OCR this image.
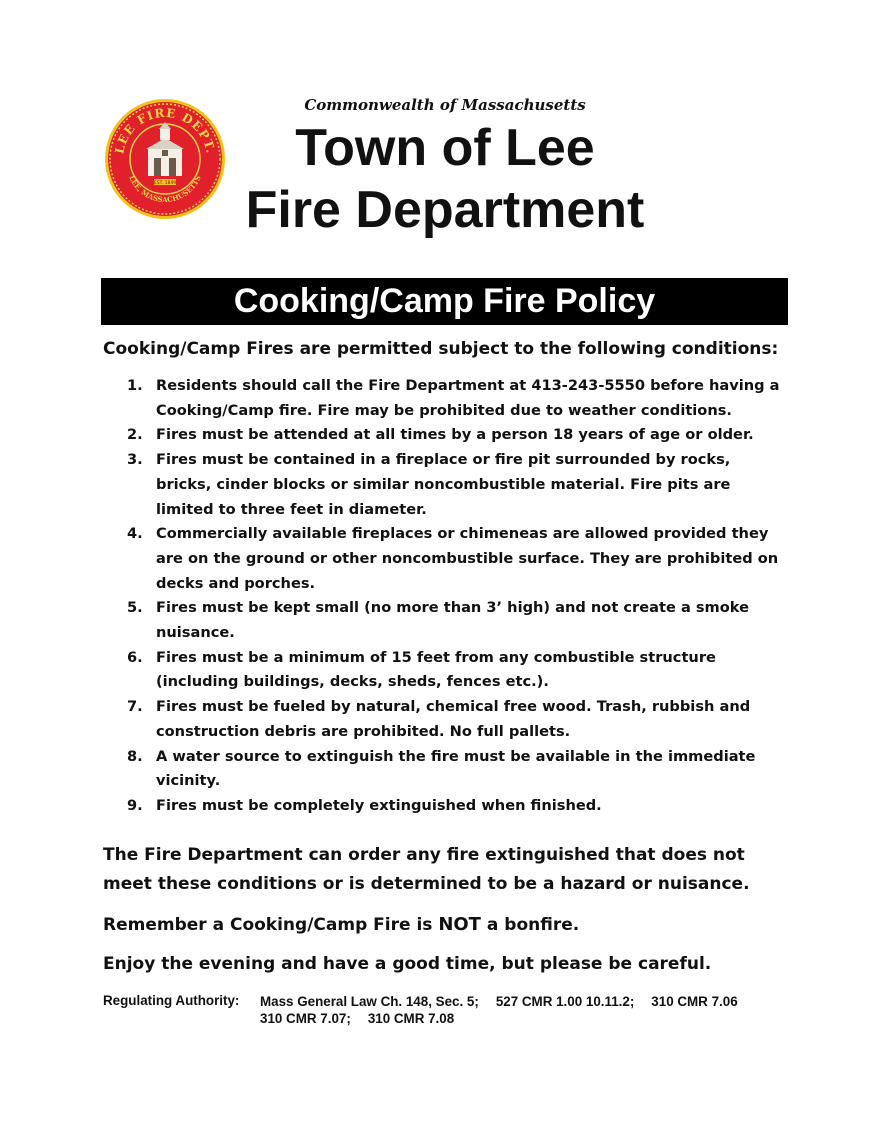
LEE FIRE DEPT.
LEE, MASSACHUSETTS
EST. 1849
Commonwealth of Massachusetts
Town of Lee
Fire Department
Cooking/Camp Fire Policy
Cooking/Camp Fires are permitted subject to the following conditions:
1. Residents should call the Fire Department at 413-243-5550 before having a Cooking/Camp fire. Fire may be prohibited due to weather conditions.
2. Fires must be attended at all times by a person 18 years of age or older.
3. Fires must be contained in a fireplace or fire pit surrounded by rocks, bricks, cinder blocks or similar noncombustible material. Fire pits are limited to three feet in diameter.
4. Commercially available fireplaces or chimeneas are allowed provided they are on the ground or other noncombustible surface. They are prohibited on decks and porches.
5. Fires must be kept small (no more than 3’ high) and not create a smoke nuisance.
6. Fires must be a minimum of 15 feet from any combustible structure (including buildings, decks, sheds, fences etc.).
7. Fires must be fueled by natural, chemical free wood. Trash, rubbish and construction debris are prohibited. No full pallets.
8. A water source to extinguish the fire must be available in the immediate vicinity.
9. Fires must be completely extinguished when finished.
The Fire Department can order any fire extinguished that does not meet these conditions or is determined to be a hazard or nuisance.
Remember a Cooking/Camp Fire is NOT a bonfire.
Enjoy the evening and have a good time, but please be careful.
Regulating Authority: Mass General Law Ch. 148, Sec. 5; 527 CMR 1.00 10.11.2; 310 CMR 7.06
310 CMR 7.07; 310 CMR 7.08
